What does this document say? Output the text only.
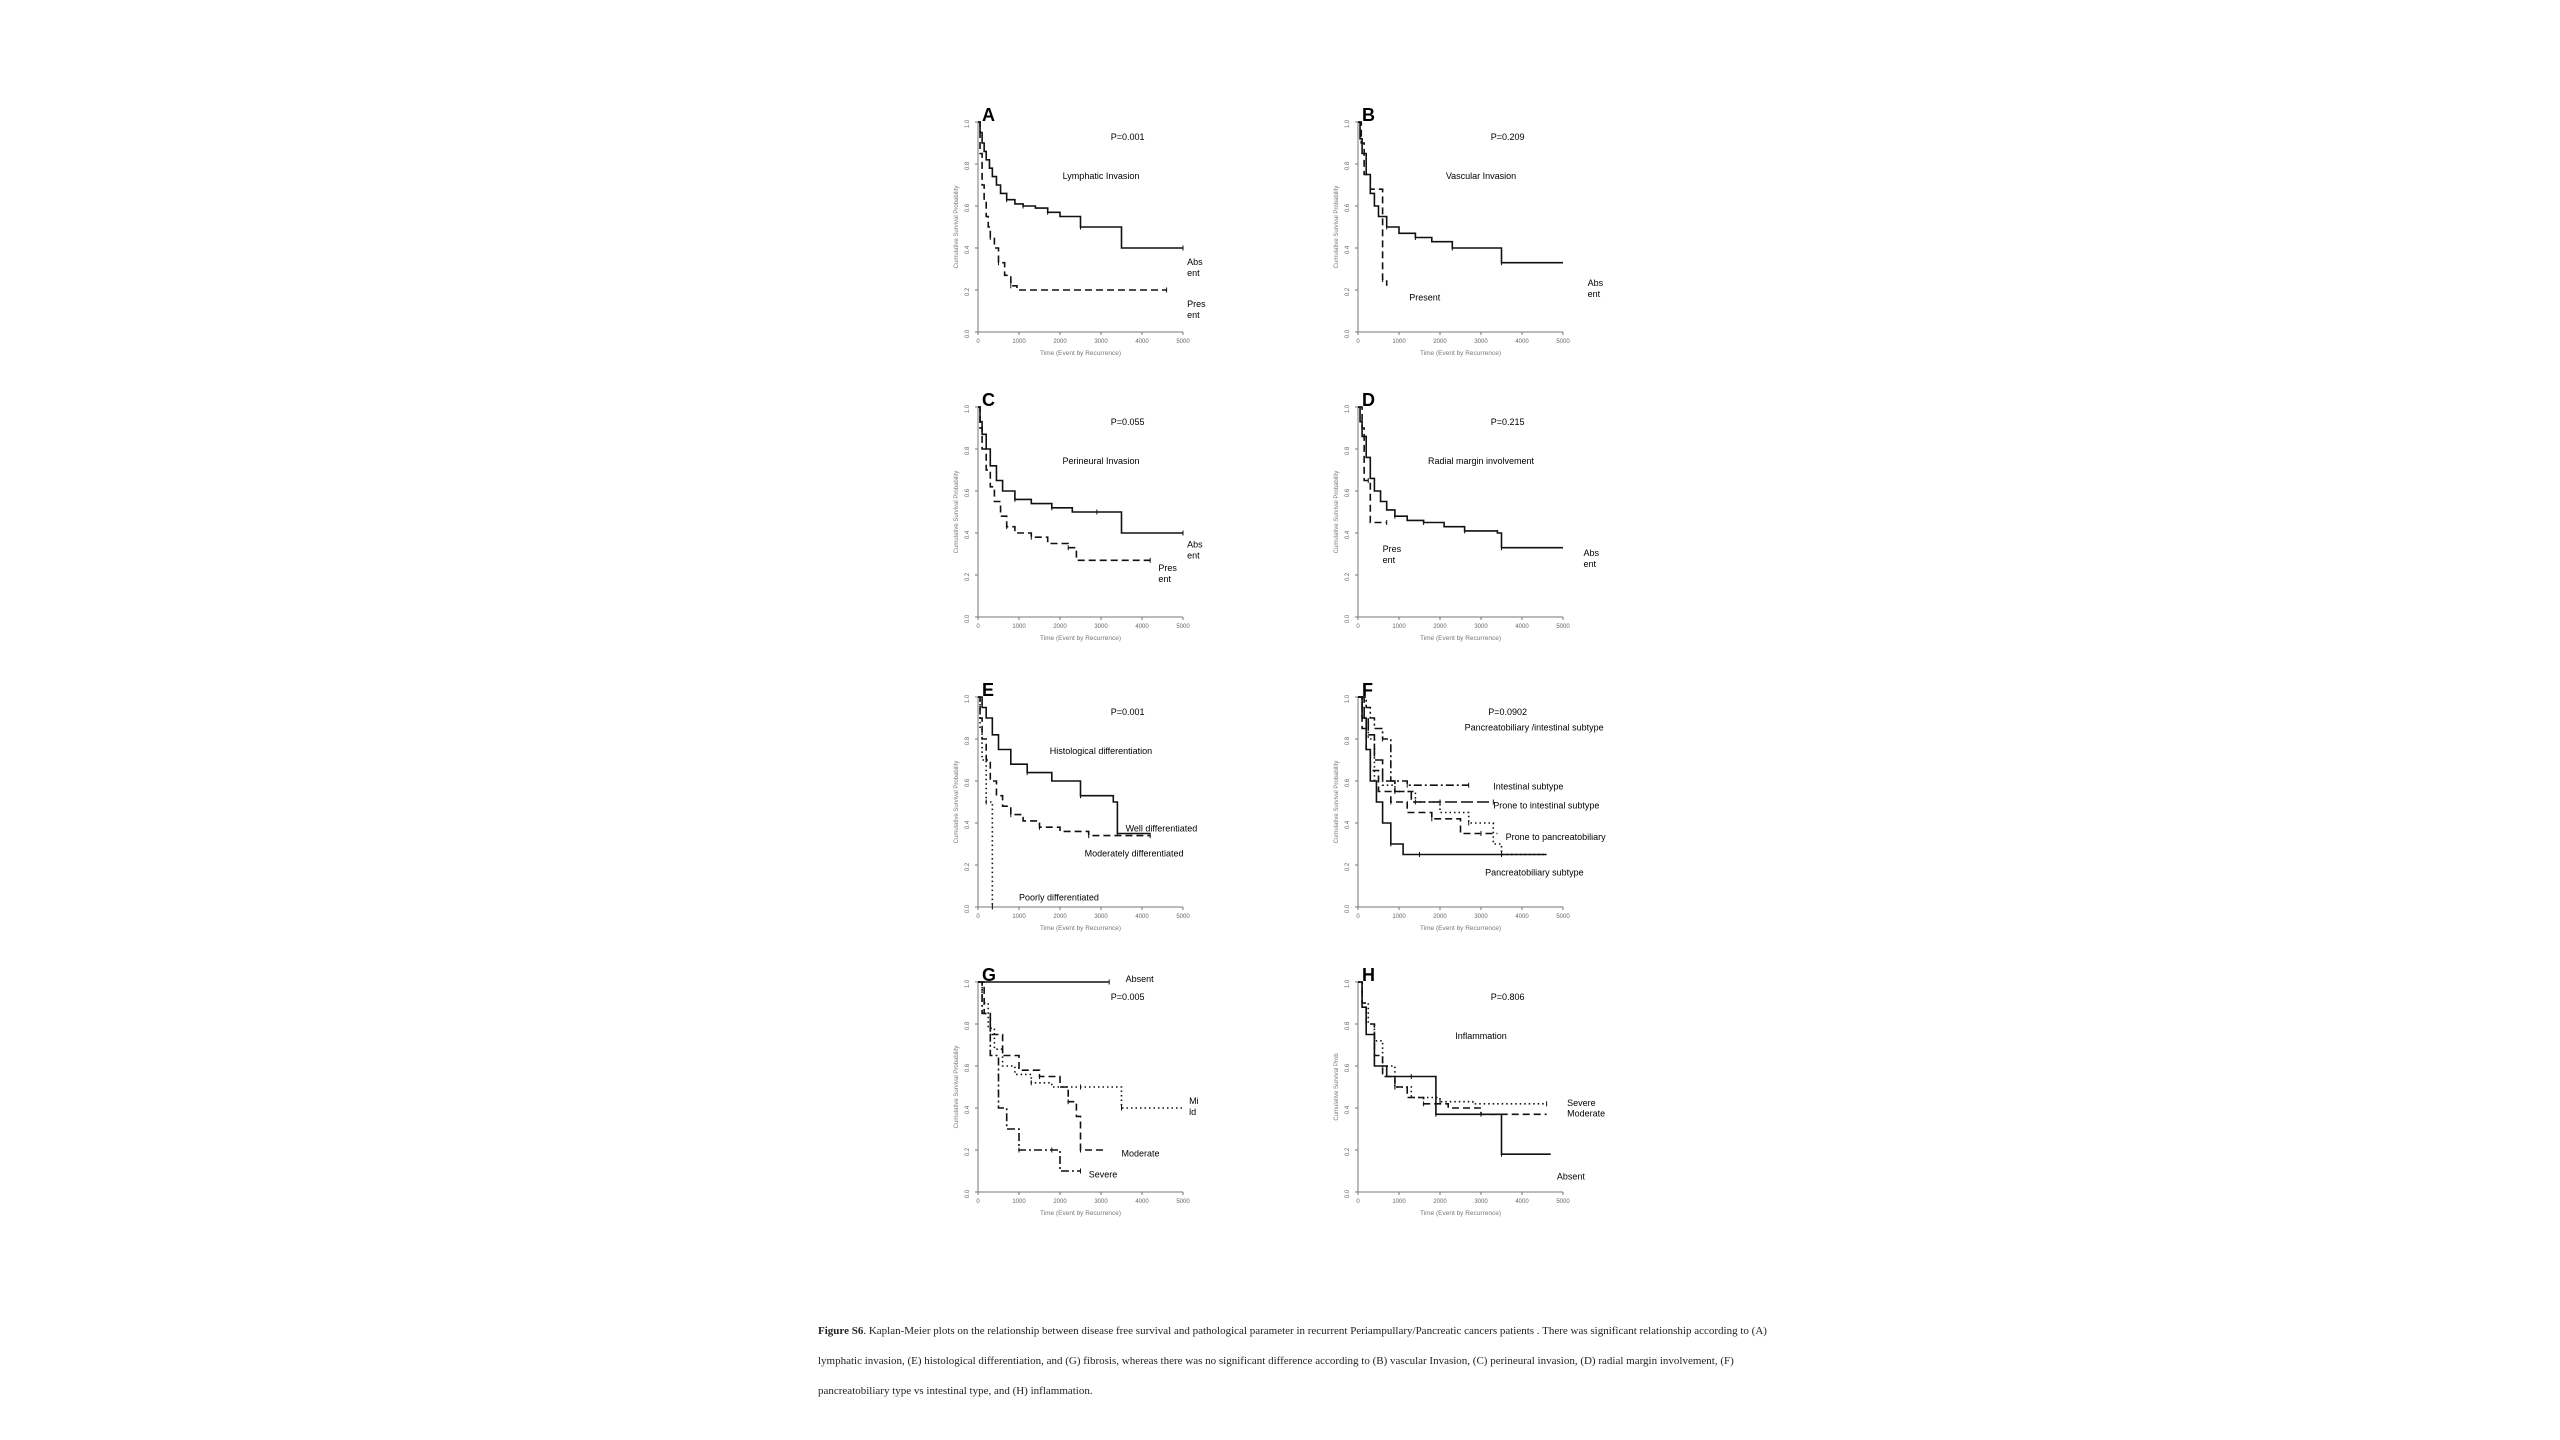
0.0
0.2
0.4
0.6
0.8
1.0
0	1000	2000	3000	4000	5000
Time (Event by Recurrence)
Cumulative Survival Probability
A
P=0.001
Lymphatic Invasion
Abs ent
Pres ent
0.0
0.2
0.4
0.6
0.8
1.0
0	1000	2000	3000	4000	5000
Time (Event by Recurrence)
Cumulative Survival Probability
B
P=0.209
Vascular Invasion
Abs ent
Present
0.0
0.2
0.4
0.6
0.8
1.0
0	1000	2000	3000	4000	5000
Time (Event by Recurrence)
Cumulative Survival Probability
C
P=0.055
Perineural Invasion
Abs ent
Pres ent
0.0
0.2
0.4
0.6
0.8
1.0
0	1000	2000	3000	4000	5000
Time (Event by Recurrence)
Cumulative Survival Probability
D
P=0.215
Radial margin involvement
Abs ent
Pres ent
0.0
0.2
0.4
0.6
0.8
1.0
0	1000	2000	3000	4000	5000
Time (Event by Recurrence)
Cumulative Survival Probability
E
P=0.001
Histological differentiation
Well differentiated
Moderately differentiated
Poorly differentiated
0.0
0.2
0.4
0.6
0.8
1.0
0	1000	2000	3000	4000	5000
Time (Event by Recurrence)
Cumulative Survival Probability
F
P=0.0902
Pancreatobiliary /intestinal subtype
Intestinal subtype
Prone to intestinal subtype
Prone to pancreatobiliary
Pancreatobiliary subtype
0.0
0.2
0.4
0.6
0.8
1.0
0	1000	2000	3000	4000	5000
Time (Event by Recurrence)
Cumulative Survival Probability
G
P=0.005
Absent
Mi ld
Moderate
Severe
0.0
0.2
0.4
0.6
0.8
1.0
0	1000	2000	3000	4000	5000
Time (Event by Recurrence)
Cumulative Survival Prob
H
P=0.806
Inflammation
Absent
Moderate
Severe
Figure S6. Kaplan-Meier plots on the relationship between disease free survival and pathological parameter in recurrent Periampullary/Pancreatic cancers patients . There was significant relationship according to (A) lymphatic invasion, (E) histological differentiation, and (G) fibrosis, whereas there was no significant difference according to (B) vascular Invasion, (C) perineural invasion, (D) radial margin involvement, (F) pancreatobiliary type vs intestinal type, and (H) inflammation.
